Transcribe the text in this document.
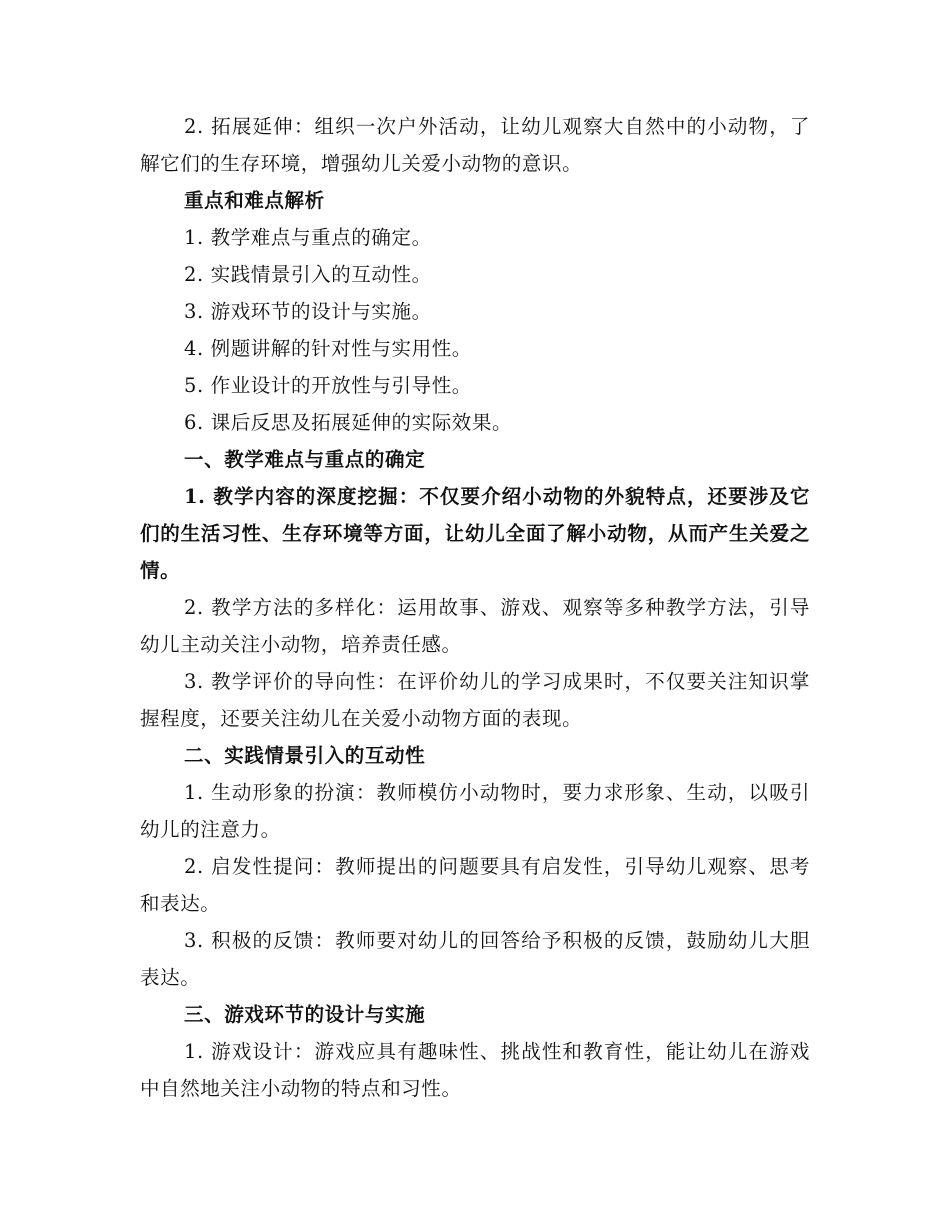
2. 拓展延伸：组织一次户外活动，让幼儿观察大自然中的小动物，了解它们的生存环境，增强幼儿关爱小动物的意识。

重点和难点解析

1. 教学难点与重点的确定。

2. 实践情景引入的互动性。

3. 游戏环节的设计与实施。

4. 例题讲解的针对性与实用性。

5. 作业设计的开放性与引导性。

6. 课后反思及拓展延伸的实际效果。

一、教学难点与重点的确定

1. 教学内容的深度挖掘：不仅要介绍小动物的外貌特点，还要涉及它们的生活习性、生存环境等方面，让幼儿全面了解小动物，从而产生关爱之情。

2. 教学方法的多样化：运用故事、游戏、观察等多种教学方法，引导幼儿主动关注小动物，培养责任感。

3. 教学评价的导向性：在评价幼儿的学习成果时，不仅要关注知识掌握程度，还要关注幼儿在关爱小动物方面的表现。

二、实践情景引入的互动性

1. 生动形象的扮演：教师模仿小动物时，要力求形象、生动，以吸引幼儿的注意力。

2. 启发性提问：教师提出的问题要具有启发性，引导幼儿观察、思考和表达。

3. 积极的反馈：教师要对幼儿的回答给予积极的反馈，鼓励幼儿大胆表达。

三、游戏环节的设计与实施

1. 游戏设计：游戏应具有趣味性、挑战性和教育性，能让幼儿在游戏中自然地关注小动物的特点和习性。
